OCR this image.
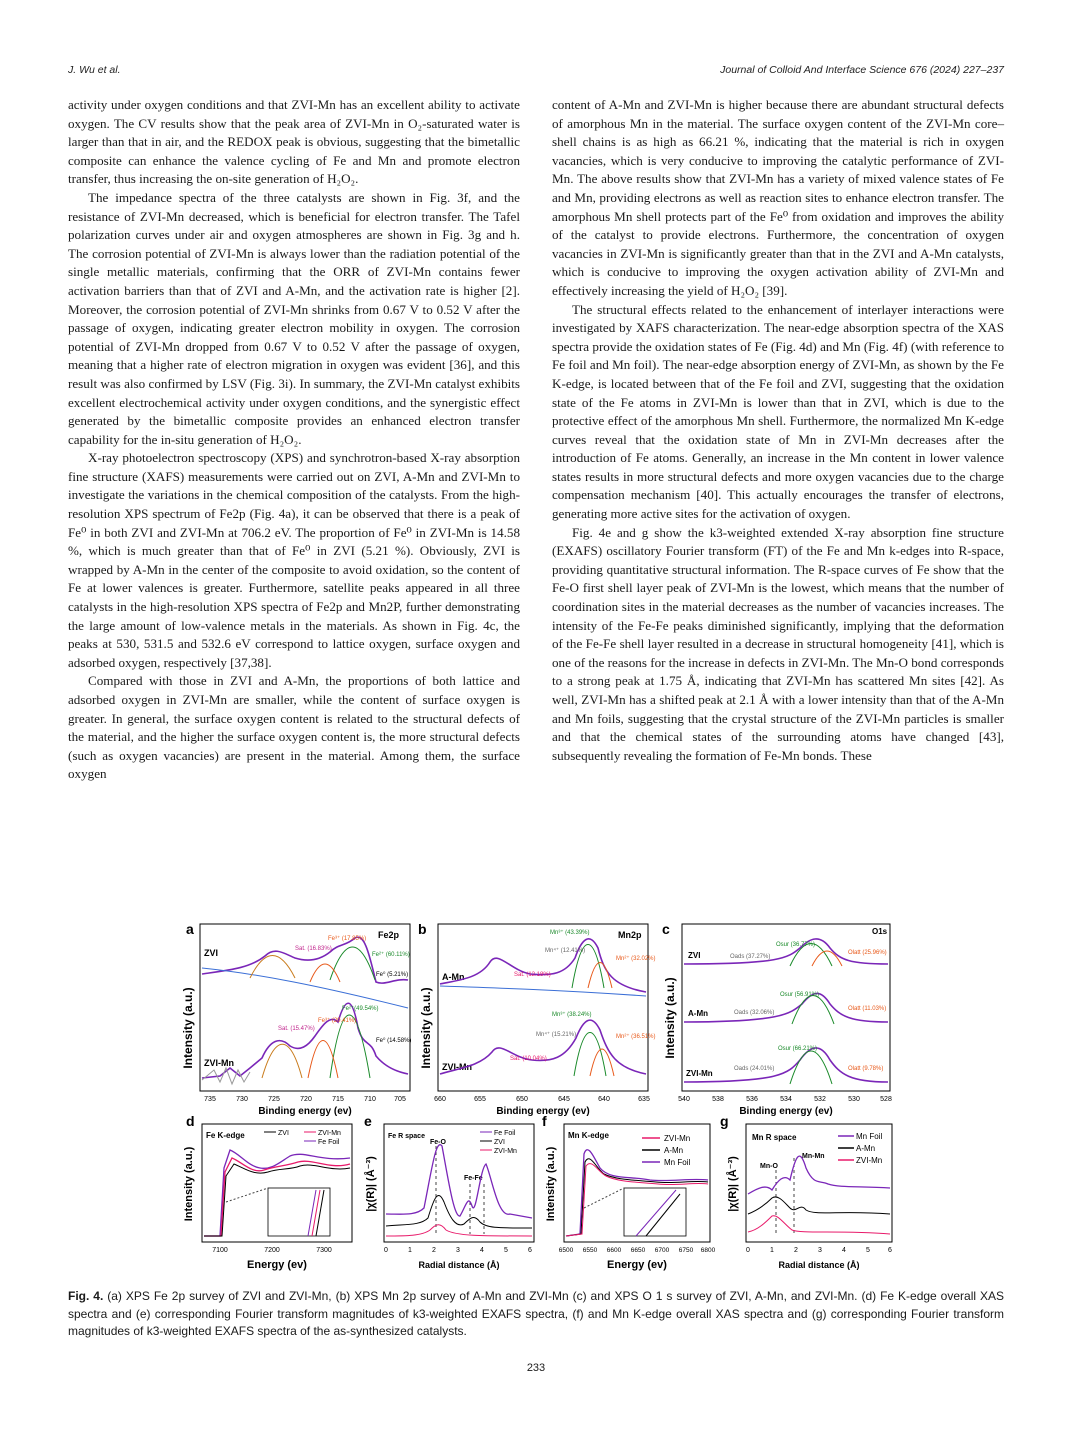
J. Wu et al.	Journal of Colloid And Interface Science 676 (2024) 227–237

activity under oxygen conditions and that ZVI-Mn has an excellent ability to activate oxygen. The CV results show that the peak area of ZVI-Mn in O₂-saturated water is larger than that in air, and the REDOX peak is obvious, suggesting that the bimetallic composite can enhance the valence cycling of Fe and Mn and promote electron transfer, thus increasing the on-site generation of H₂O₂.

The impedance spectra of the three catalysts are shown in Fig. 3f, and the resistance of ZVI-Mn decreased, which is beneficial for electron transfer. The Tafel polarization curves under air and oxygen atmospheres are shown in Fig. 3g and h. The corrosion potential of ZVI-Mn is always lower than the radiation potential of the single metallic materials, confirming that the ORR of ZVI-Mn contains fewer activation barriers than that of ZVI and A-Mn, and the activation rate is higher [2]. Moreover, the corrosion potential of ZVI-Mn shrinks from 0.67 V to 0.52 V after the passage of oxygen, indicating greater electron mobility in oxygen. The corrosion potential of ZVI-Mn dropped from 0.67 V to 0.52 V after the passage of oxygen, meaning that a higher rate of electron migration in oxygen was evident [36], and this result was also confirmed by LSV (Fig. 3i). In summary, the ZVI-Mn catalyst exhibits excellent electrochemical activity under oxygen conditions, and the synergistic effect generated by the bimetallic composite provides an enhanced electron transfer capability for the in-situ generation of H₂O₂.

X-ray photoelectron spectroscopy (XPS) and synchrotron-based X-ray absorption fine structure (XAFS) measurements were carried out on ZVI, A-Mn and ZVI-Mn to investigate the variations in the chemical composition of the catalysts. From the high-resolution XPS spectrum of Fe2p (Fig. 4a), it can be observed that there is a peak of Fe⁰ in both ZVI and ZVI-Mn at 706.2 eV. The proportion of Fe⁰ in ZVI-Mn is 14.58 %, which is much greater than that of Fe⁰ in ZVI (5.21 %). Obviously, ZVI is wrapped by A-Mn in the center of the composite to avoid oxidation, so the content of Fe at lower valences is greater. Furthermore, satellite peaks appeared in all three catalysts in the high-resolution XPS spectra of Fe2p and Mn2P, further demonstrating the large amount of low-valence metals in the materials. As shown in Fig. 4c, the peaks at 530, 531.5 and 532.6 eV correspond to lattice oxygen, surface oxygen and adsorbed oxygen, respectively [37,38].

Compared with those in ZVI and A-Mn, the proportions of both lattice and adsorbed oxygen in ZVI-Mn are smaller, while the content of surface oxygen is greater. In general, the surface oxygen content is related to the structural defects of the material, and the higher the surface oxygen content is, the more structural defects (such as oxygen vacancies) are present in the material. Among them, the surface oxygen

content of A-Mn and ZVI-Mn is higher because there are abundant structural defects of amorphous Mn in the material. The surface oxygen content of the ZVI-Mn core–shell chains is as high as 66.21 %, indicating that the material is rich in oxygen vacancies, which is very conducive to improving the catalytic performance of ZVI-Mn. The above results show that ZVI-Mn has a variety of mixed valence states of Fe and Mn, providing electrons as well as reaction sites to enhance electron transfer. The amorphous Mn shell protects part of the Fe⁰ from oxidation and improves the ability of the catalyst to provide electrons. Furthermore, the concentration of oxygen vacancies in ZVI-Mn is significantly greater than that in the ZVI and A-Mn catalysts, which is conducive to improving the oxygen activation ability of ZVI-Mn and effectively increasing the yield of H₂O₂ [39].

The structural effects related to the enhancement of interlayer interactions were investigated by XAFS characterization. The near-edge absorption spectra of the XAS spectra provide the oxidation states of Fe (Fig. 4d) and Mn (Fig. 4f) (with reference to Fe foil and Mn foil). The near-edge absorption energy of ZVI-Mn, as shown by the Fe K-edge, is located between that of the Fe foil and ZVI, suggesting that the oxidation state of the Fe atoms in ZVI-Mn is lower than that in ZVI, which is due to the protective effect of the amorphous Mn shell. Furthermore, the normalized Mn K-edge curves reveal that the oxidation state of Mn in ZVI-Mn decreases after the introduction of Fe atoms. Generally, an increase in the Mn content in lower valence states results in more structural defects and more oxygen vacancies due to the charge compensation mechanism [40]. This actually encourages the transfer of electrons, generating more active sites for the activation of oxygen.

Fig. 4e and g show the k3-weighted extended X-ray absorption fine structure (EXAFS) oscillatory Fourier transform (FT) of the Fe and Mn k-edges into R-space, providing quantitative structural information. The R-space curves of Fe show that the Fe-O first shell layer peak of ZVI-Mn is the lowest, which means that the number of coordination sites in the material decreases as the number of vacancies increases. The intensity of the Fe-Fe peaks diminished significantly, implying that the deformation of the Fe-Fe shell layer resulted in a decrease in structural homogeneity [41], which is one of the reasons for the increase in defects in ZVI-Mn. The Mn-O bond corresponds to a strong peak at 1.75 Å, indicating that ZVI-Mn has scattered Mn sites [42]. As well, ZVI-Mn has a shifted peak at 2.1 Å with a lower intensity than that of the A-Mn and Mn foils, suggesting that the crystal structure of the ZVI-Mn particles is smaller and that the chemical states of the surrounding atoms have changed [43], subsequently revealing the formation of Fe-Mn bonds. These

a
Intensity (a.u.)
Fe2p
ZVI
ZVI-Mn
Fe³⁺ (17.85%)
Sat. (16.83%)
Fe²⁺ (60.11%)
Fe⁰ (5.21%)
Fe²⁺(49.54%)
Fe³⁺ (20.41%)
Sat. (15.47%)
Fe⁰ (14.58%)
735	730	725	720	715	710	705
Binding energy (ev)
b
Intensity (a.u.)
Mn2p
A-Mn
ZVI-Mn
Mn³⁺ (43.39%)
Mn⁴⁺ (12.41%)
Mn²⁺ (32.02%)
Sat. (12.18%)
Mn³⁺ (38.24%)
Mn⁴⁺ (15.21%)	Mn²⁺ (36.51%)
Sat. (10.04%)
660	655	650	645	640	635
Binding energy (ev)
c
Intensity (a.u.)
O1s
ZVI
A-Mn
ZVI-Mn
Osur (36.77%)
Oads (37.27%)
Olatt (25.96%)
Osur (56.91%)
Oads (32.06%)
Olatt (11.03%)
Osur (66.21%)
Oads (24.01%)	Olatt (9.78%)
540	538	536	534	532	530	528
Binding energy (ev)
d
Intensity (a.u.)
Fe K-edge	ZVI	ZVI-Mn
Fe Foil
7100	7200	7300
Energy (ev)
e
|χ(R)| (Å⁻³)
Fe R space	Fe Foil
ZVI
ZVI-Mn
Fe-O
Fe-Fe
0	1	2	3	4	5	6
Radial distance (Å)
f
Intensity (a.u.)
Mn K-edge	ZVI-Mn
A-Mn
Mn Foil
6500 6550 6600 6650 6700 6750 6800
Energy (ev)
g
|χ(R)| (Å⁻³)
Mn R space	Mn Foil
A-Mn
ZVI-Mn
Mn-O
Mn-Mn
0	1	2	3	4	5	6
Radial distance (Å)
Fig. 4. (a) XPS Fe 2p survey of ZVI and ZVI-Mn, (b) XPS Mn 2p survey of A-Mn and ZVI-Mn (c) and XPS O 1 s survey of ZVI, A-Mn, and ZVI-Mn. (d) Fe K-edge overall XAS spectra and (e) corresponding Fourier transform magnitudes of k3-weighted EXAFS spectra, (f) and Mn K-edge overall XAS spectra and (g) corresponding Fourier transform magnitudes of k3-weighted EXAFS spectra of the as-synthesized catalysts.
233
